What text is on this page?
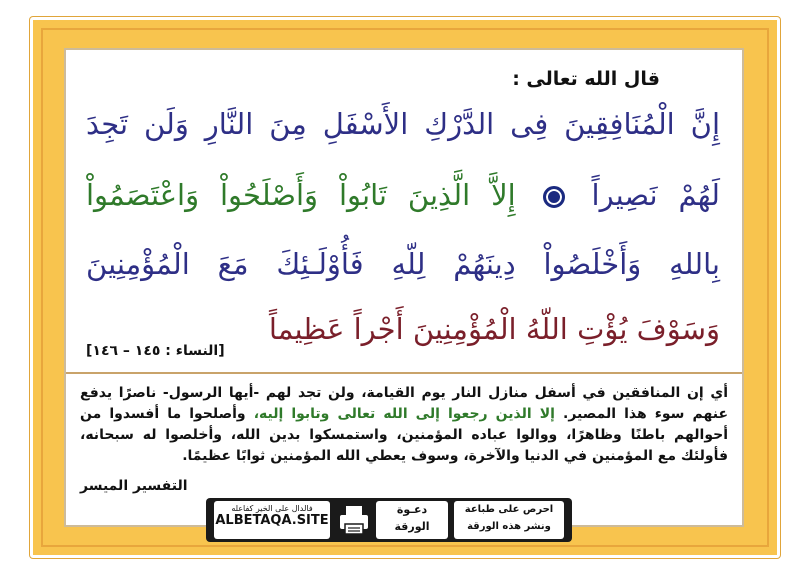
قال الله تعالى :
إِنَّ الْمُنَافِقِينَ فِى الدَّرْكِ الأَسْفَلِ مِنَ النَّارِ وَلَن تَجِدَ
لَهُمْ نَصِيراً  إِلاَّ الَّذِينَ تَابُواْ وَأَصْلَحُواْ وَاعْتَصَمُواْ
بِاللهِ وَأَخْلَصُواْ دِينَهُمْ لِلّهِ فَأُوْلَـئِكَ مَعَ الْمُؤْمِنِينَ
وَسَوْفَ يُؤْتِ اللّهُ الْمُؤْمِنِينَ أَجْراً عَظِيماً
[النساء : ١٤٥ – ١٤٦]
أي إن المنافقين في أسفل منازل النار يوم القيامة، ولن تجد لهم -أيها الرسول- ناصرًا يدفع عنهم سوء هذا المصير. إلا الذين رجعوا إلى الله تعالى وتابوا إليه، وأصلحوا ما أفسدوا من أحوالهم باطنًا وظاهرًا، ووالوا عباده المؤمنين، واستمسكوا بدين الله، وأخلصوا له سبحانه، فأولئك مع المؤمنين في الدنيا والآخرة، وسوف يعطي الله المؤمنين ثوابًا عظيمًا.
التفسير الميسر
فالدال على الخير كفاعله
ALBETAQA.SITE
دعـوة
الورقة
احرص على طباعة
ونشر هذه الورقة
